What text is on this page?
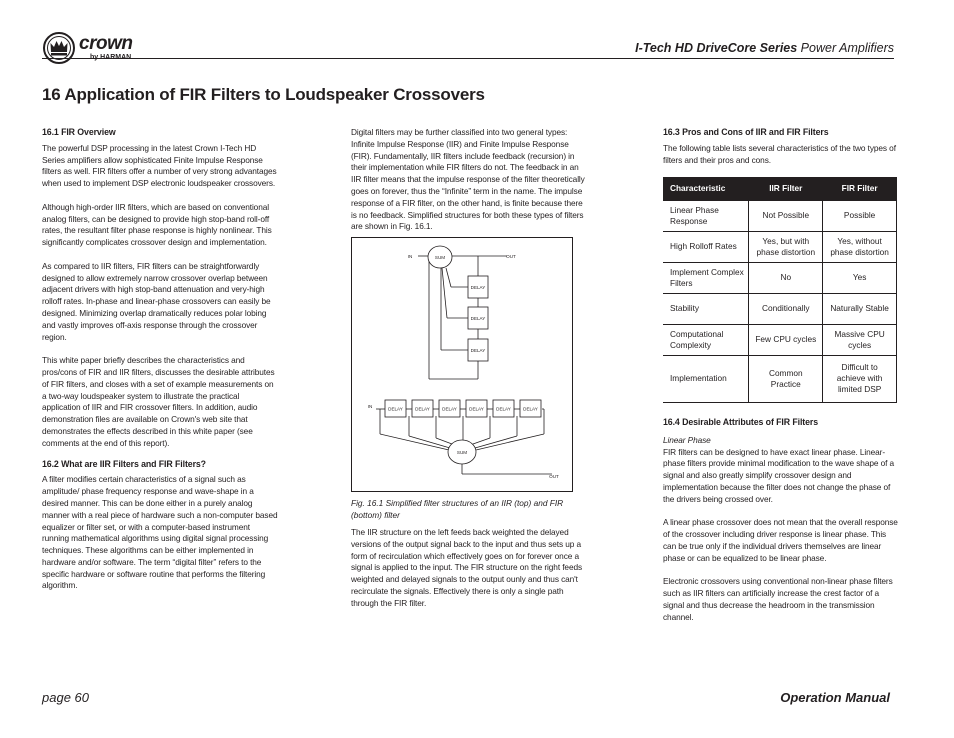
crown
by HARMAN
I-Tech HD DriveCore Series Power Amplifiers
16 Application of FIR Filters to Loudspeaker Crossovers
16.1 FIR Overview
The powerful DSP processing in the latest Crown I-Tech HD Series amplifiers allow sophisticated Finite Impulse Response filters as well. FIR filters offer a number of very strong advantages when used to implement DSP electronic loudspeaker crossovers.
Although high-order IIR filters, which are based on conventional analog filters, can be designed to provide high stop-band roll-off rates, the resultant filter phase response is highly nonlinear. This significantly complicates crossover design and implementation.
As compared to IIR filters, FIR filters can be straightforwardly designed to allow extremely narrow crossover overlap between adjacent drivers with high stop-band attenuation and very-high rolloff rates. In-phase and linear-phase crossovers can easily be designed. Minimizing overlap dramatically reduces polar lobing and vastly improves off-axis response through the crossover region.
This white paper briefly describes the characteristics and pros/cons of FIR and IIR filters, discusses the desirable attributes of FIR filters, and closes with a set of example measurements on a two-way loudspeaker system to illustrate the practical application of IIR and FIR crossover filters. In addition, audio demonstration files are available on Crown's web site that demonstrates the effects described in this white paper (see comments at the end of this report).
16.2 What are IIR Filters and FIR Filters?
A filter modifies certain characteristics of a signal such as amplitude/ phase frequency response and wave-shape in a desired manner. This can be done either in a purely analog manner with a real piece of hardware such a non-computer based equalizer or filter set, or with a computer-based instrument running mathematical algorithms using digital signal processing techniques. These algorithms can be either implemented in hardware and/or software. The term “digital filter” refers to the specific hardware or software routine that performs the filtering algorithm.
Digital filters may be further classified into two general types: Infinite Impulse Response (IIR) and Finite Impulse Response (FIR). Fundamentally, IIR filters include feedback (recursion) in their implementation while FIR filters do not. The feedback in an IIR filter means that the impulse response of the filter theoretically goes on forever, thus the “Infinite” term in the name. The impulse response of a FIR filter, on the other hand, is finite because there is no feedback. Simplified structures for both these types of filters are shown in Fig. 16.1.
IN	OUT
SUM
DELAY
DELAY
DELAY
IN	DELAY	DELAY	DELAY	DELAY	DELAY	DELAY
SUM
OUT
Fig. 16.1 Simplified filter structures of an IIR (top) and FIR (bottom) filter
The IIR structure on the left feeds back weighted the delayed versions of the output signal back to the input and thus sets up a form of recirculation which effectively goes on for forever once a signal is applied to the input. The FIR structure on the right feeds weighted and delayed signals to the output ounly and thus can't recirculate the signals. Effectively there is only a single path through the FIR filter.
16.3 Pros and Cons of IIR and FIR Filters
The following table lists several characteristics of the two types of filters and their pros and cons.
Characteristic	IIR Filter	FIR Filter
Linear Phase Response	Not Possible	Possible
High Rolloff Rates	Yes, but with phase distortion	Yes, without phase distortion
Implement Complex Filters	No	Yes
Stability	Conditionally	Naturally Stable
Computational Complexity	Few CPU cycles	Massive CPU cycles
Implementation	Common Practice	Difficult to achieve with limited DSP
16.4 Desirable Attributes of FIR Filters
Linear Phase
FIR filters can be designed to have exact linear phase. Linear-phase filters provide minimal modification to the wave shape of a signal and also greatly simplify crossover design and implementation because the filter does not change the phase of the drivers being crossed over.
A linear phase crossover does not mean that the overall response of the crossover including driver response is linear phase. This can be true only if the individual drivers themselves are linear phase or can be equalized to be linear phase.
Electronic crossovers using conventional non-linear phase filters such as IIR filters can artificially increase the crest factor of a signal and thus decrease the headroom in the transmission channel.
page 60	Operation Manual
